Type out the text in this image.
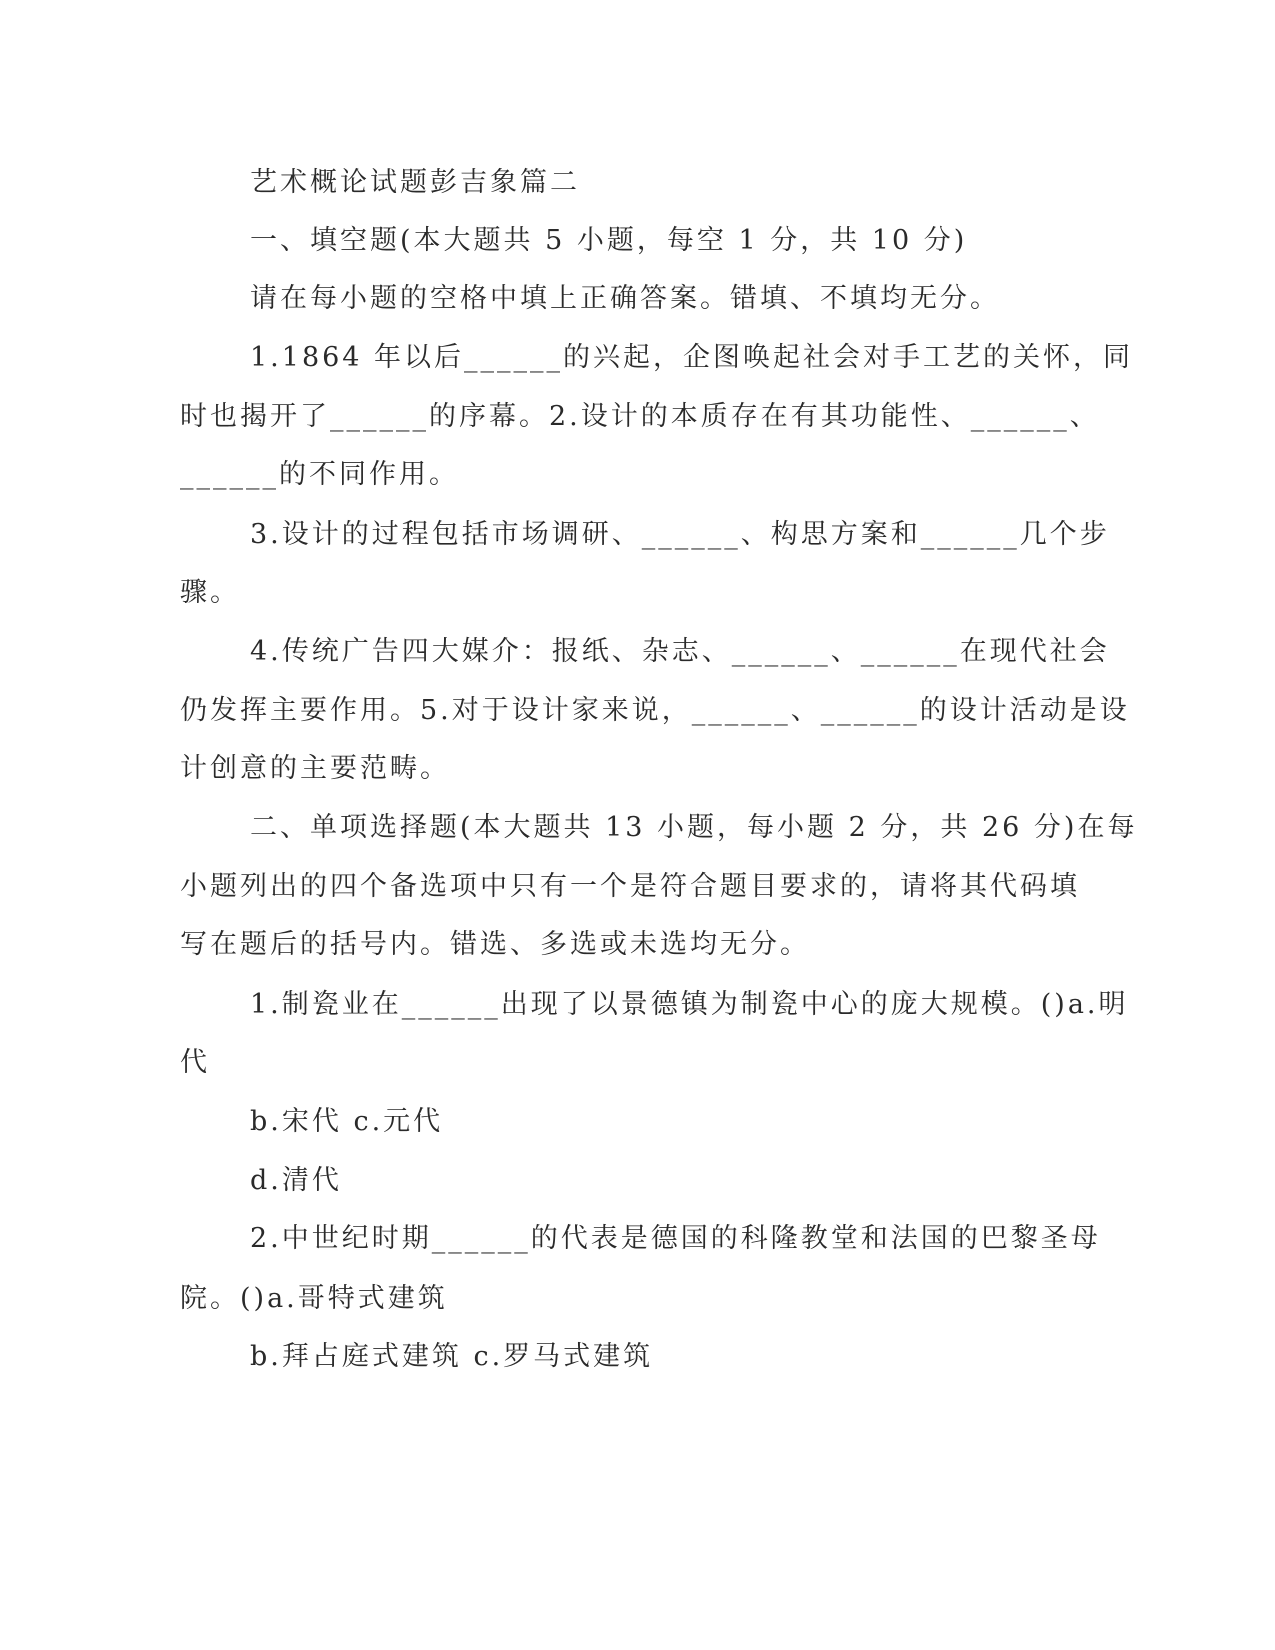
艺术概论试题彭吉象篇二
一、填空题(本大题共 5 小题，每空 1 分，共 10 分)
请在每小题的空格中填上正确答案。错填、不填均无分。
1.1864 年以后______的兴起，企图唤起社会对手工艺的关怀，同
时也揭开了______的序幕。2.设计的本质存在有其功能性、______、
______的不同作用。
3.设计的过程包括市场调研、______、构思方案和______几个步
骤。
4.传统广告四大媒介：报纸、杂志、______、______在现代社会
仍发挥主要作用。5.对于设计家来说，______、______的设计活动是设
计创意的主要范畴。
二、单项选择题(本大题共 13 小题，每小题 2 分，共 26 分)在每
小题列出的四个备选项中只有一个是符合题目要求的，请将其代码填
写在题后的括号内。错选、多选或未选均无分。
1.制瓷业在______出现了以景德镇为制瓷中心的庞大规模。()a.明
代
b.宋代 c.元代
d.清代
2.中世纪时期______的代表是德国的科隆教堂和法国的巴黎圣母
院。()a.哥特式建筑
b.拜占庭式建筑 c.罗马式建筑
